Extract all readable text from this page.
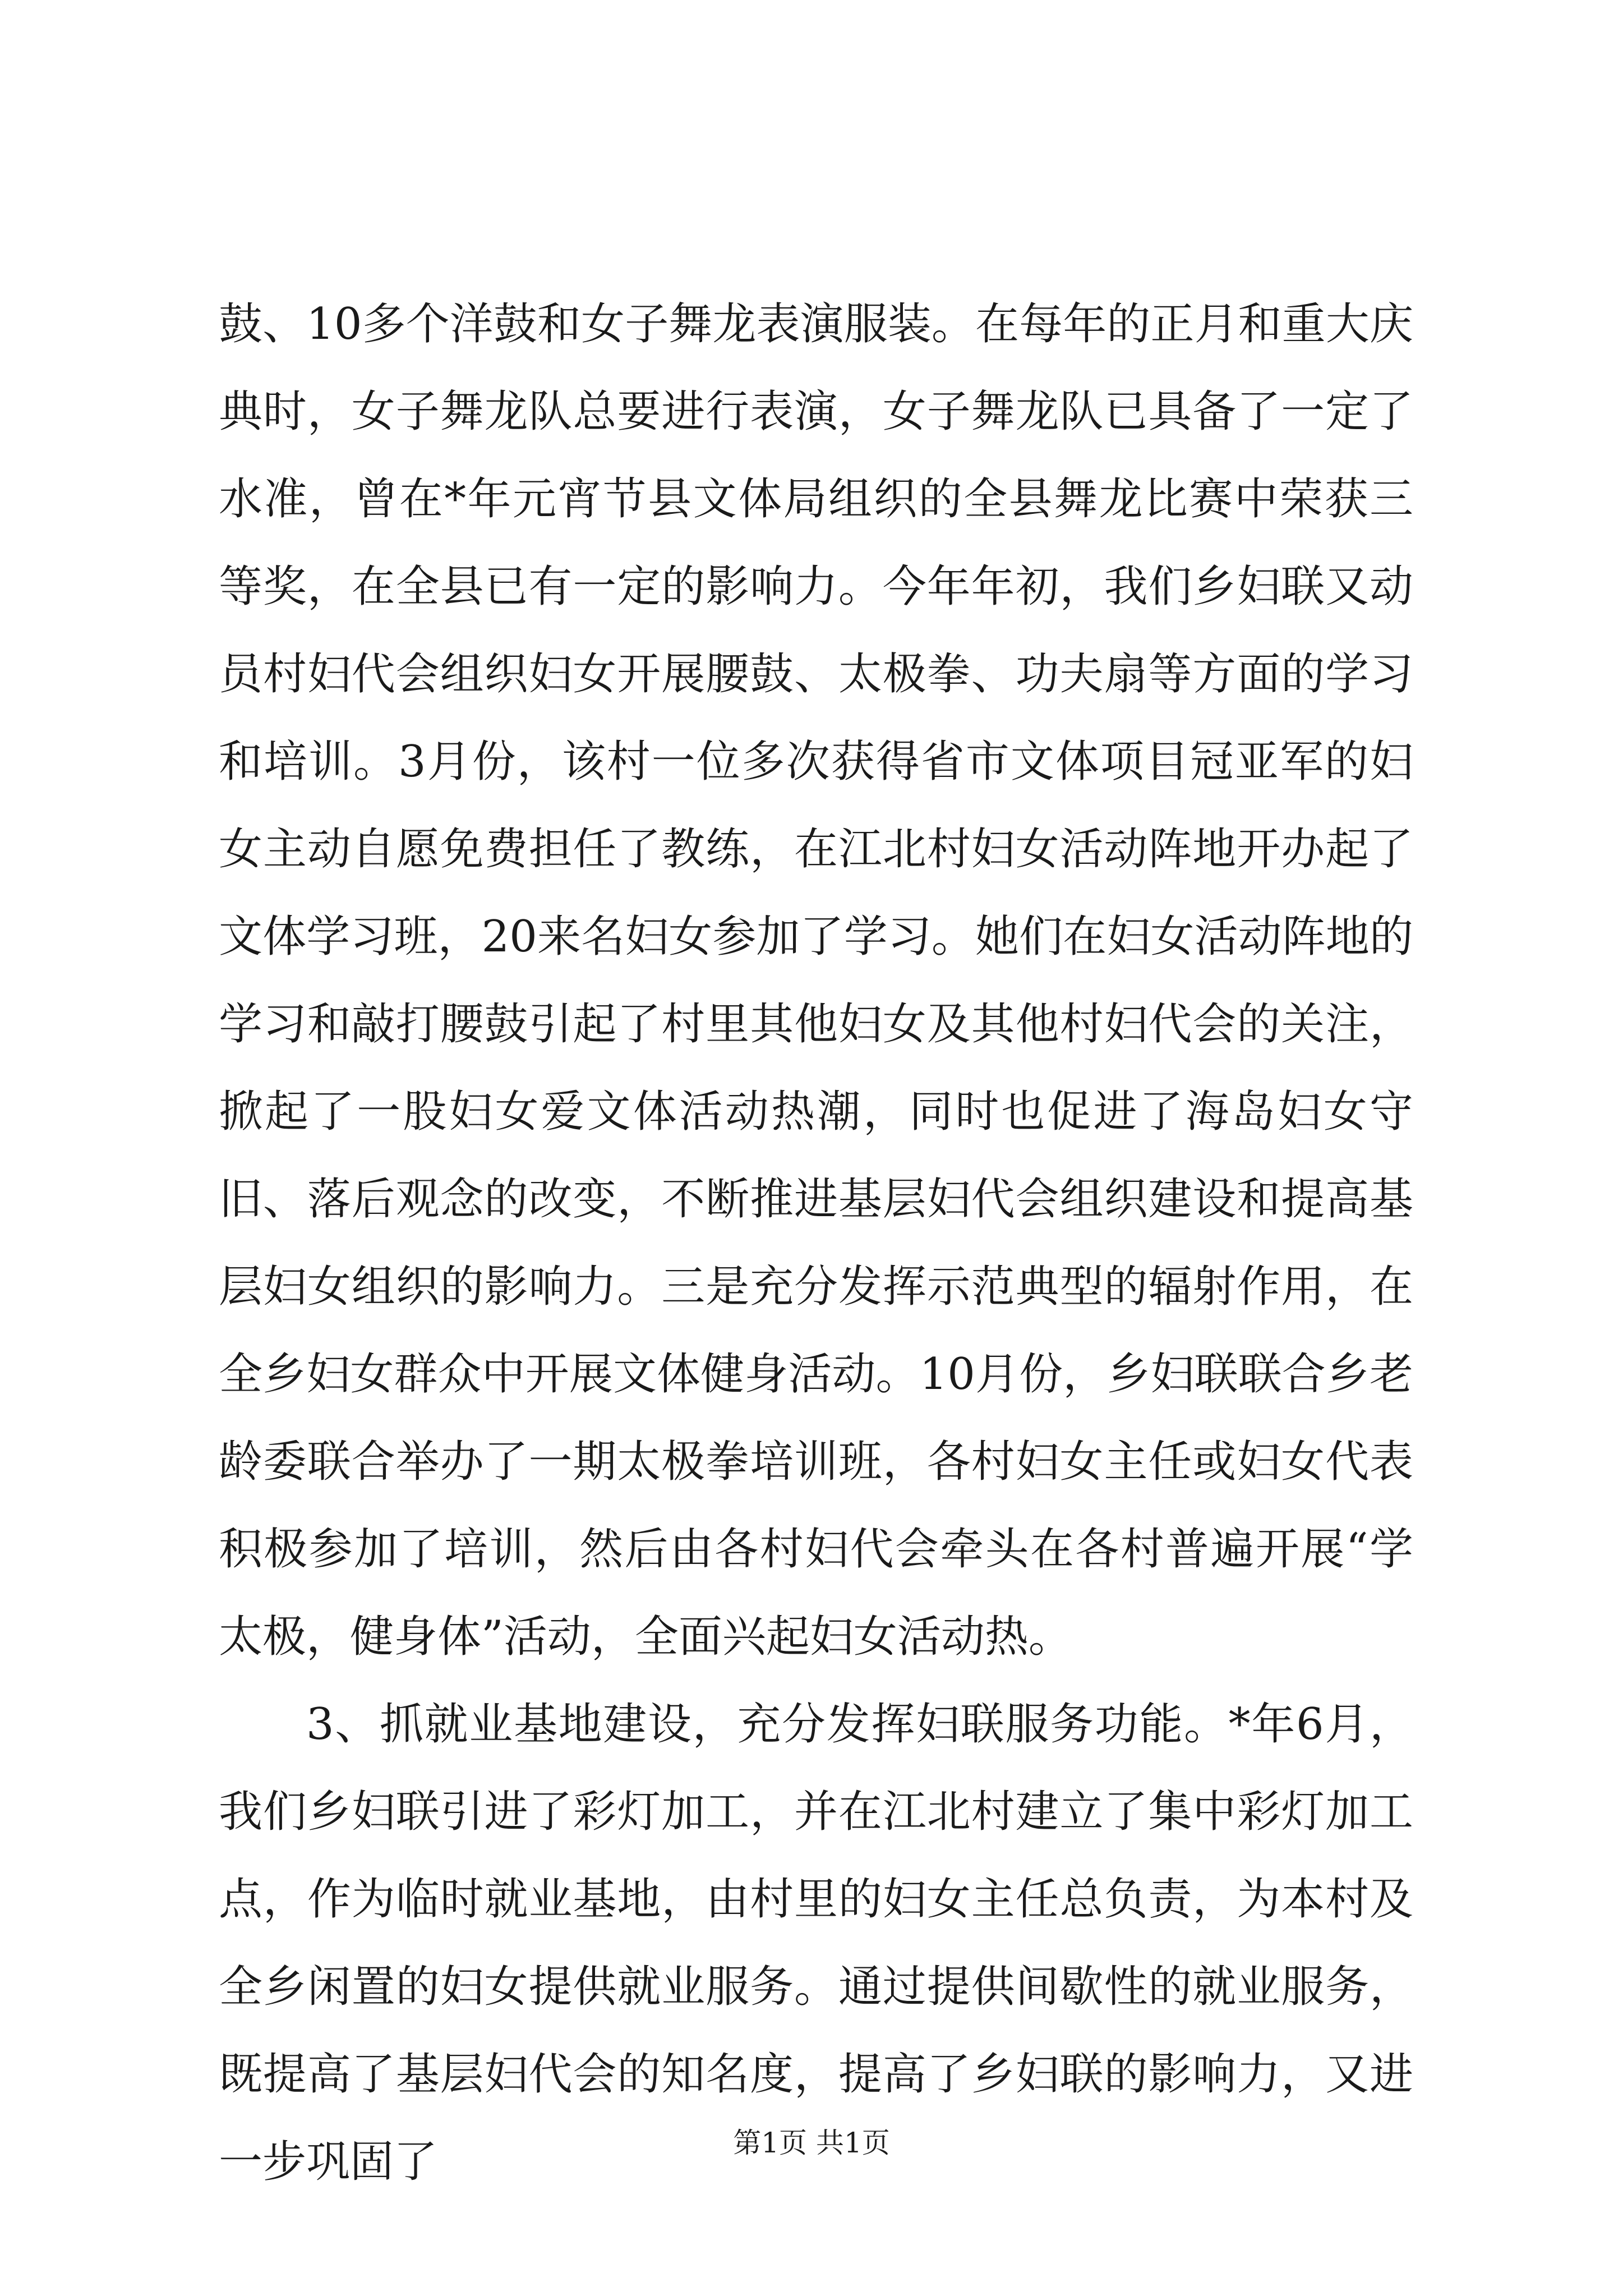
鼓、10多个洋鼓和女子舞龙表演服装。在每年的正月和重大庆典时，女子舞龙队总要进行表演，女子舞龙队已具备了一定了水准，曾在*年元宵节县文体局组织的全县舞龙比赛中荣获三等奖，在全县已有一定的影响力。今年年初，我们乡妇联又动员村妇代会组织妇女开展腰鼓、太极拳、功夫扇等方面的学习和培训。3月份，该村一位多次获得省市文体项目冠亚军的妇女主动自愿免费担任了教练，在江北村妇女活动阵地开办起了文体学习班，20来名妇女参加了学习。她们在妇女活动阵地的学习和敲打腰鼓引起了村里其他妇女及其他村妇代会的关注，掀起了一股妇女爱文体活动热潮，同时也促进了海岛妇女守旧、落后观念的改变，不断推进基层妇代会组织建设和提高基层妇女组织的影响力。三是充分发挥示范典型的辐射作用，在全乡妇女群众中开展文体健身活动。10月份，乡妇联联合乡老龄委联合举办了一期太极拳培训班，各村妇女主任或妇女代表积极参加了培训，然后由各村妇代会牵头在各村普遍开展“学太极，健身体”活动，全面兴起妇女活动热。

3、抓就业基地建设，充分发挥妇联服务功能。*年6月，我们乡妇联引进了彩灯加工，并在江北村建立了集中彩灯加工点，作为临时就业基地，由村里的妇女主任总负责，为本村及全乡闲置的妇女提供就业服务。通过提供间歇性的就业服务，既提高了基层妇代会的知名度，提高了乡妇联的影响力，又进一步巩固了	第1页 共1页
